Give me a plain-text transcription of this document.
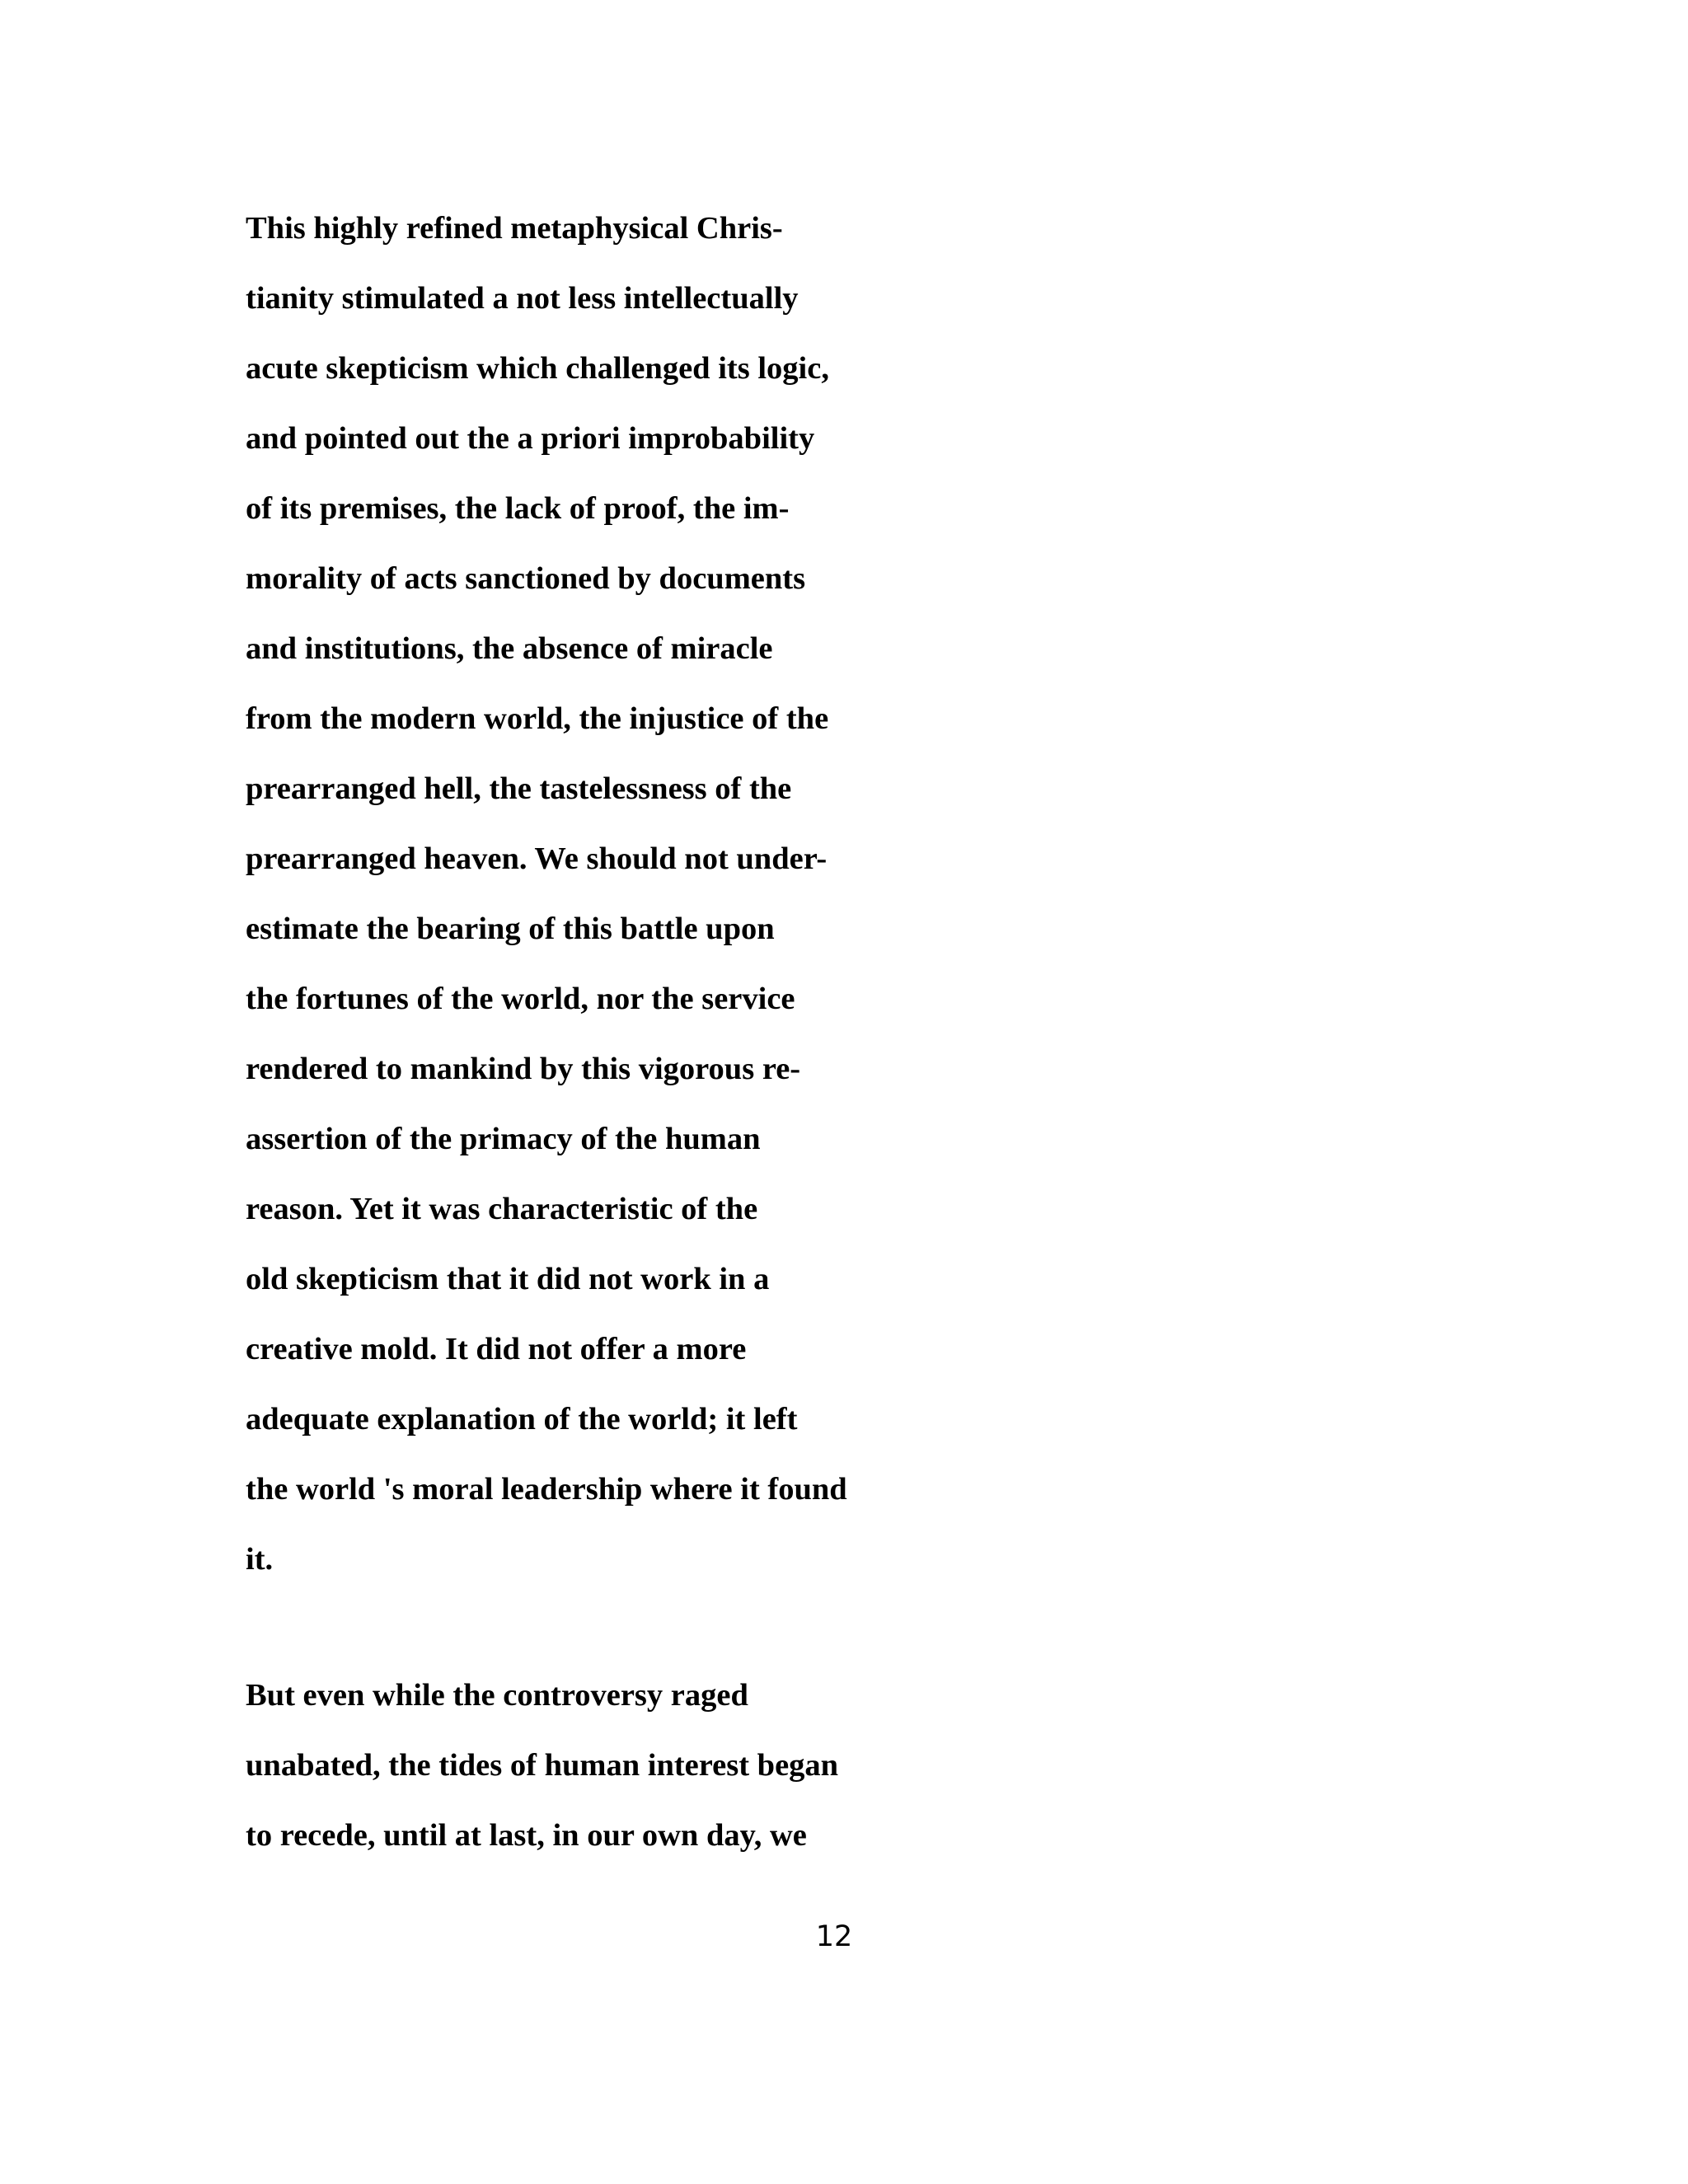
This highly refined metaphysical Chris-
tianity stimulated a not less intellectually
acute skepticism which challenged its logic,
and pointed out the a priori improbability
of its premises, the lack of proof, the im-
morality of acts sanctioned by documents
and institutions, the absence of miracle
from the modern world, the injustice of the
prearranged hell, the tastelessness of the
prearranged heaven. We should not under-
estimate the bearing of this battle upon
the fortunes of the world, nor the service
rendered to mankind by this vigorous re-
assertion of the primacy of the human
reason. Yet it was characteristic of the
old skepticism that it did not work in a
creative mold. It did not offer a more
adequate explanation of the world; it left
the world 's moral leadership where it found
it.
But even while the controversy raged
unabated, the tides of human interest began
to recede, until at last, in our own day, we
12
